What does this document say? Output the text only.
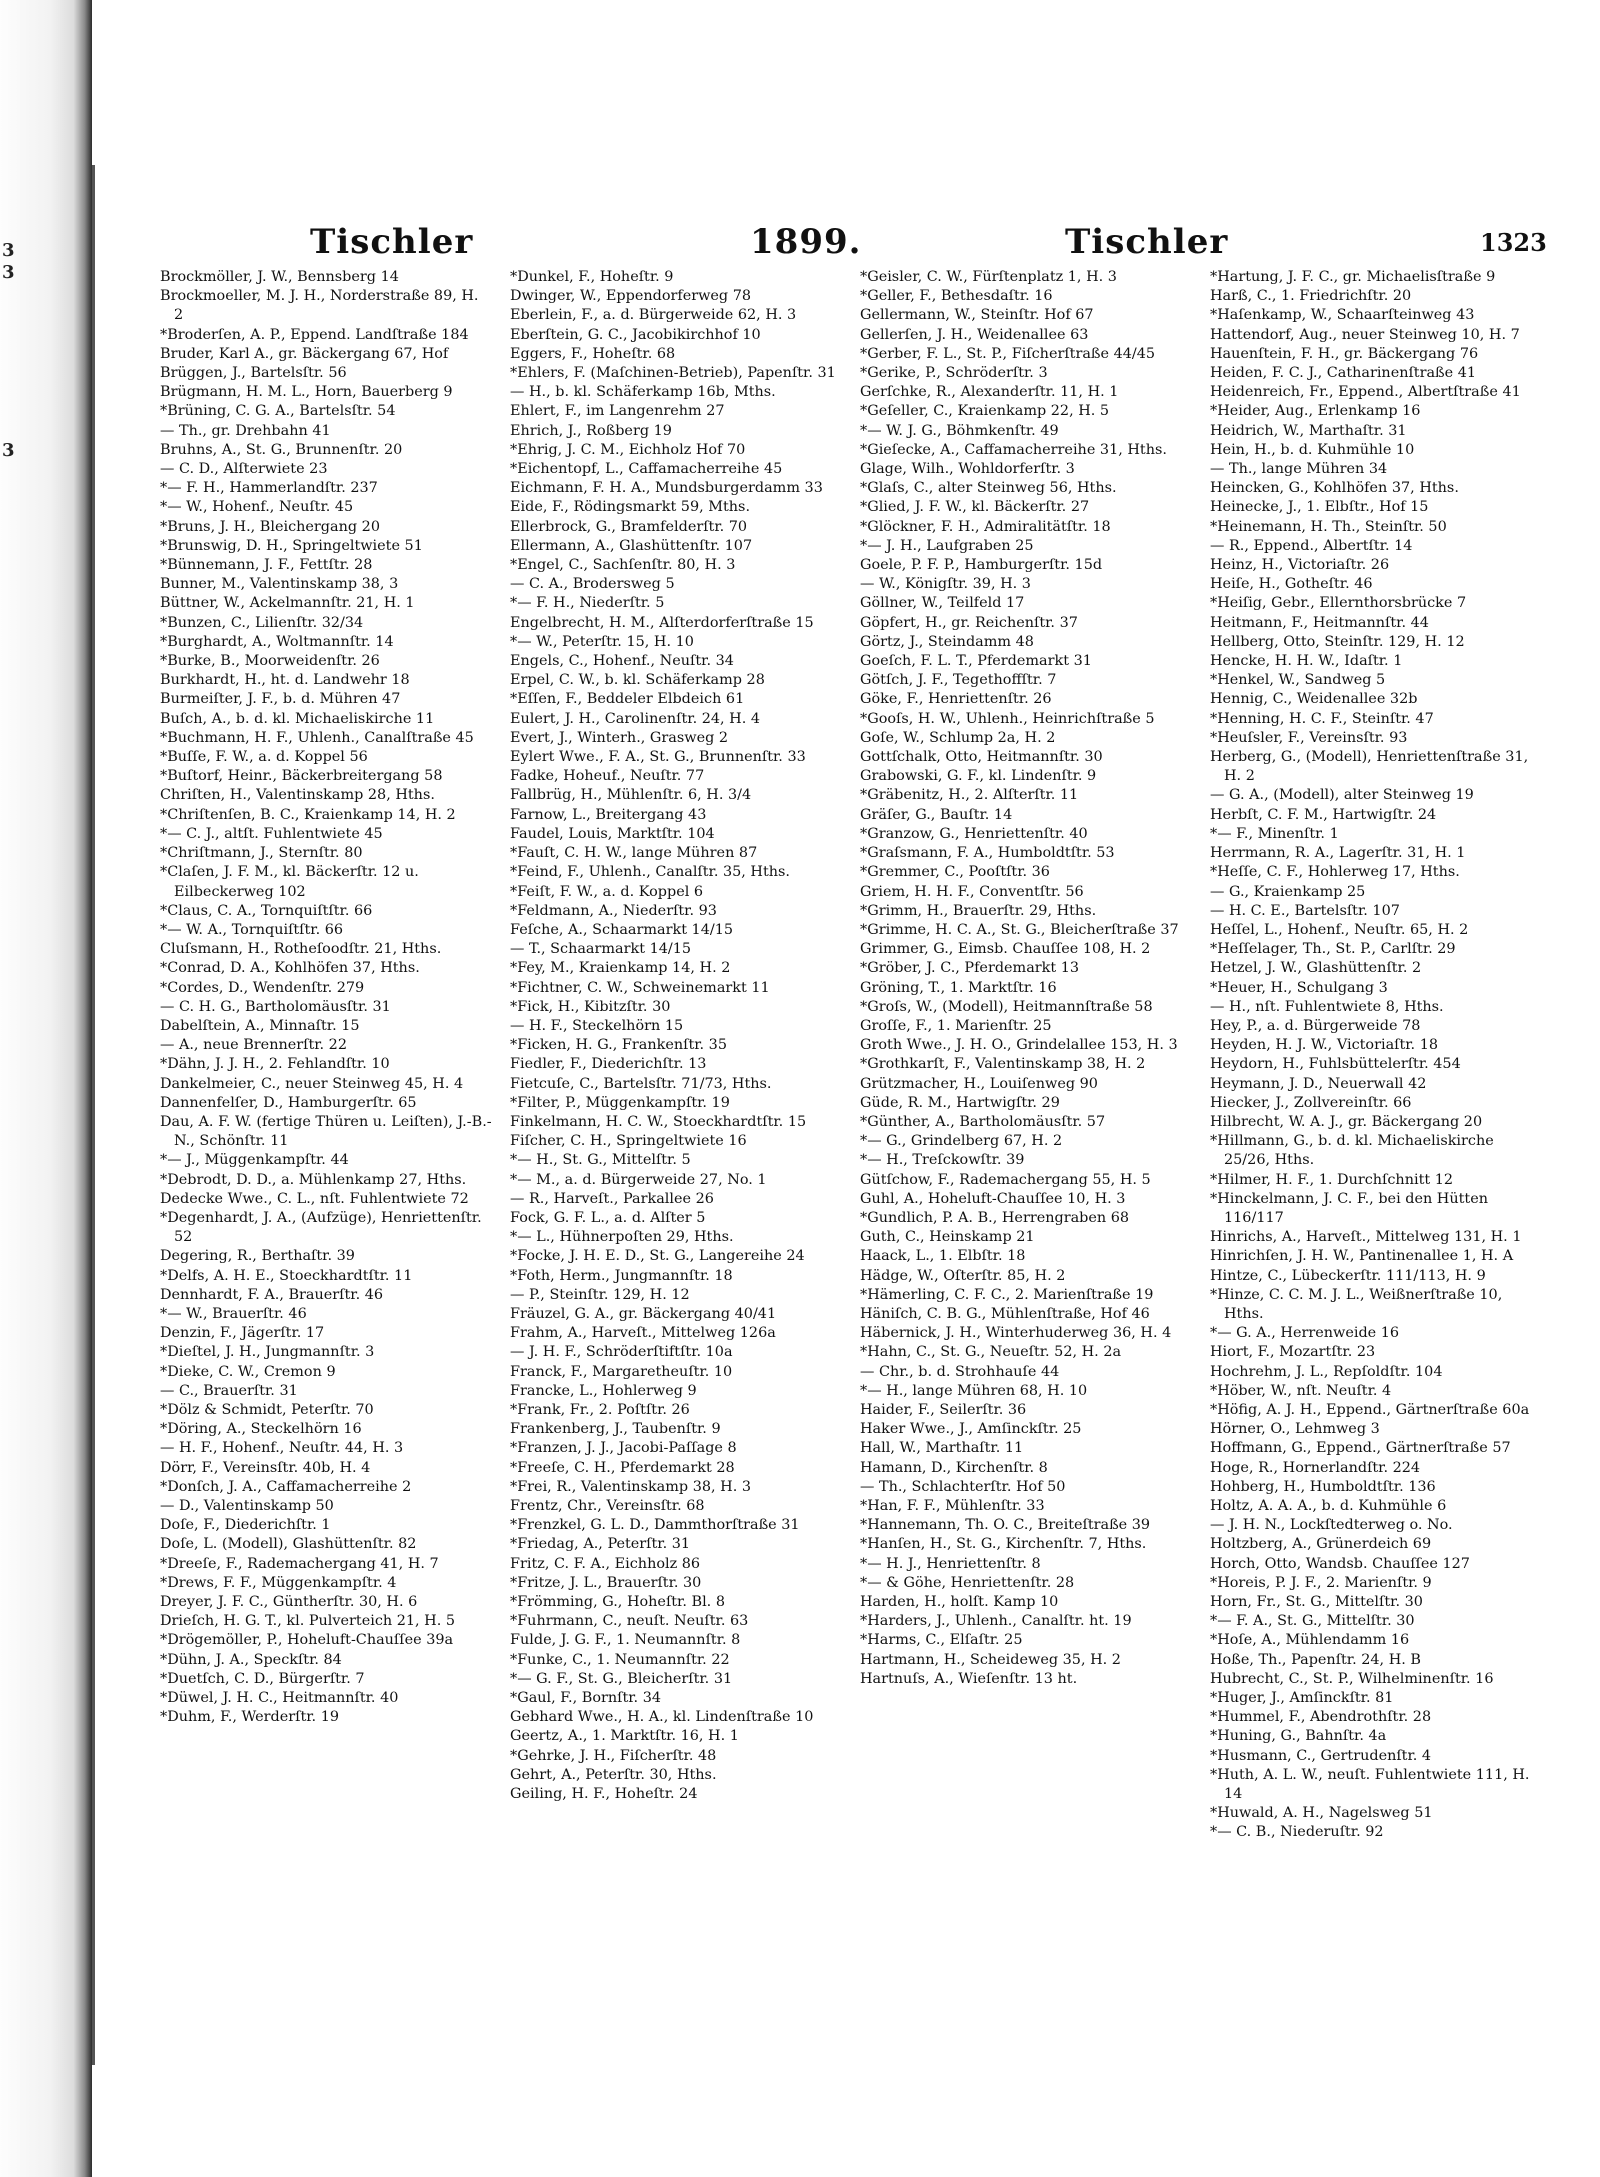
3
3
3
Tischler	1899.	Tischler	1323
Brockmöller, J. W., Bennsberg 14
Brockmoeller, M. J. H., Norderstraße 89, H. 2
*Broderſen, A. P., Eppend. Landſtraße 184
Bruder, Karl A., gr. Bäckergang 67, Hof
Brüggen, J., Bartelsſtr. 56
Brügmann, H. M. L., Horn, Bauerberg 9
*Brüning, C. G. A., Bartelsſtr. 54
— Th., gr. Drehbahn 41
Bruhns, A., St. G., Brunnenſtr. 20
— C. D., Alſterwiete 23
*— F. H., Hammerlandſtr. 237
*— W., Hohenf., Neuſtr. 45
*Bruns, J. H., Bleichergang 20
*Brunswig, D. H., Springeltwiete 51
*Bünnemann, J. F., Fettſtr. 28
Bunner, M., Valentinskamp 38, 3
Büttner, W., Ackelmannſtr. 21, H. 1
*Bunzen, C., Lilienſtr. 32/34
*Burghardt, A., Woltmannſtr. 14
*Burke, B., Moorweidenſtr. 26
Burkhardt, H., ht. d. Landwehr 18
Burmeiſter, J. F., b. d. Mühren 47
Buſch, A., b. d. kl. Michaeliskirche 11
*Buchmann, H. F., Uhlenh., Canalſtraße 45
*Buſſe, F. W., a. d. Koppel 56
*Buſtorf, Heinr., Bäckerbreitergang 58
Chriſten, H., Valentinskamp 28, Hths.
*Chriſtenſen, B. C., Kraienkamp 14, H. 2
*— C. J., altſt. Fuhlentwiete 45
*Chriſtmann, J., Sternſtr. 80
*Claſen, J. F. M., kl. Bäckerſtr. 12 u. Eilbeckerweg 102
*Claus, C. A., Tornquiſtſtr. 66
*— W. A., Tornquiſtſtr. 66
Cluſsmann, H., Rotheſoodſtr. 21, Hths.
*Conrad, D. A., Kohlhöfen 37, Hths.
*Cordes, D., Wendenſtr. 279
— C. H. G., Bartholomäusſtr. 31
Dabelſtein, A., Minnaſtr. 15
— A., neue Brennerſtr. 22
*Dähn, J. J. H., 2. Fehlandſtr. 10
Dankelmeier, C., neuer Steinweg 45, H. 4
Dannenfelſer, D., Hamburgerſtr. 65
Dau, A. F. W. (fertige Thüren u. Leiſten), J.-B.-N., Schönſtr. 11
*— J., Müggenkampſtr. 44
*Debrodt, D. D., a. Mühlenkamp 27, Hths.
Dedecke Wwe., C. L., nſt. Fuhlentwiete 72
*Degenhardt, J. A., (Aufzüge), Henriettenſtr. 52
Degering, R., Berthaſtr. 39
*Delfs, A. H. E., Stoeckhardtſtr. 11
Dennhardt, F. A., Brauerſtr. 46
*— W., Brauerſtr. 46
Denzin, F., Jägerſtr. 17
*Dieſtel, J. H., Jungmannſtr. 3
*Dieke, C. W., Cremon 9
— C., Brauerſtr. 31
*Dölz & Schmidt, Peterſtr. 70
*Döring, A., Steckelhörn 16
— H. F., Hohenf., Neuſtr. 44, H. 3
Dörr, F., Vereinsſtr. 40b, H. 4
*Donſch, J. A., Caffamacherreihe 2
— D., Valentinskamp 50
Doſe, F., Diederichſtr. 1
Doſe, L. (Modell), Glashüttenſtr. 82
*Dreeſe, F., Rademachergang 41, H. 7
*Drews, F. F., Müggenkampſtr. 4
Dreyer, J. F. C., Güntherſtr. 30, H. 6
Drieſch, H. G. T., kl. Pulverteich 21, H. 5
*Drögemöller, P., Hoheluft-Chauſſee 39a
*Dühn, J. A., Speckſtr. 84
*Duetſch, C. D., Bürgerſtr. 7
*Düwel, J. H. C., Heitmannſtr. 40
*Duhm, F., Werderſtr. 19
*Dunkel, F., Hoheſtr. 9
Dwinger, W., Eppendorferweg 78
Eberlein, F., a. d. Bürgerweide 62, H. 3
Eberſtein, G. C., Jacobikirchhof 10
Eggers, F., Hoheſtr. 68
*Ehlers, F. (Maſchinen-Betrieb), Papenſtr. 31
— H., b. kl. Schäferkamp 16b, Mths.
Ehlert, F., im Langenrehm 27
Ehrich, J., Roßberg 19
*Ehrig, J. C. M., Eichholz Hof 70
*Eichentopf, L., Caffamacherreihe 45
Eichmann, F. H. A., Mundsburgerdamm 33
Eide, F., Rödingsmarkt 59, Mths.
Ellerbrock, G., Bramfelderſtr. 70
Ellermann, A., Glashüttenſtr. 107
*Engel, C., Sachſenſtr. 80, H. 3
— C. A., Brodersweg 5
*— F. H., Niederſtr. 5
Engelbrecht, H. M., Alſterdorferſtraße 15
*— W., Peterſtr. 15, H. 10
Engels, C., Hohenf., Neuſtr. 34
Erpel, C. W., b. kl. Schäferkamp 28
*Eſſen, F., Beddeler Elbdeich 61
Eulert, J. H., Carolinenſtr. 24, H. 4
Evert, J., Winterh., Grasweg 2
Eylert Wwe., F. A., St. G., Brunnenſtr. 33
Fadke, Hoheuf., Neuſtr. 77
Fallbrüg, H., Mühlenſtr. 6, H. 3/4
Farnow, L., Breitergang 43
Faudel, Louis, Marktſtr. 104
*Fauſt, C. H. W., lange Mühren 87
*Feind, F., Uhlenh., Canalſtr. 35, Hths.
*Feiſt, F. W., a. d. Koppel 6
*Feldmann, A., Niederſtr. 93
Feſche, A., Schaarmarkt 14/15
— T., Schaarmarkt 14/15
*Fey, M., Kraienkamp 14, H. 2
*Fichtner, C. W., Schweinemarkt 11
*Fick, H., Kibitzſtr. 30
— H. F., Steckelhörn 15
*Ficken, H. G., Frankenſtr. 35
Fiedler, F., Diederichſtr. 13
Fietcuſe, C., Bartelsſtr. 71/73, Hths.
*Filter, P., Müggenkampſtr. 19
Finkelmann, H. C. W., Stoeckhardtſtr. 15
Fiſcher, C. H., Springeltwiete 16
*— H., St. G., Mittelſtr. 5
*— M., a. d. Bürgerweide 27, No. 1
— R., Harveſt., Parkallee 26
Fock, G. F. L., a. d. Alſter 5
*— L., Hühnerpoſten 29, Hths.
*Focke, J. H. E. D., St. G., Langereihe 24
*Foth, Herm., Jungmannſtr. 18
— P., Steinſtr. 129, H. 12
Fräuzel, G. A., gr. Bäckergang 40/41
Frahm, A., Harveſt., Mittelweg 126a
— J. H. F., Schröderſtiftſtr. 10a
Franck, F., Margaretheuſtr. 10
Francke, L., Hohlerweg 9
*Frank, Fr., 2. Poſtſtr. 26
Frankenberg, J., Taubenſtr. 9
*Franzen, J. J., Jacobi-Paſſage 8
*Freeſe, C. H., Pferdemarkt 28
*Frei, R., Valentinskamp 38, H. 3
Frentz, Chr., Vereinsſtr. 68
*Frenzkel, G. L. D., Dammthorſtraße 31
*Friedag, A., Peterſtr. 31
Fritz, C. F. A., Eichholz 86
*Fritze, J. L., Brauerſtr. 30
*Frömming, G., Hoheſtr. Bl. 8
*Fuhrmann, C., neuſt. Neuſtr. 63
Fulde, J. G. F., 1. Neumannſtr. 8
*Funke, C., 1. Neumannſtr. 22
*— G. F., St. G., Bleicherſtr. 31
*Gaul, F., Bornſtr. 34
Gebhard Wwe., H. A., kl. Lindenſtraße 10
Geertz, A., 1. Marktſtr. 16, H. 1
*Gehrke, J. H., Fiſcherſtr. 48
Gehrt, A., Peterſtr. 30, Hths.
Geiling, H. F., Hoheſtr. 24
*Geisler, C. W., Fürſtenplatz 1, H. 3
*Geller, F., Bethesdaſtr. 16
Gellermann, W., Steinſtr. Hof 67
Gellerſen, J. H., Weidenallee 63
*Gerber, F. L., St. P., Fiſcherſtraße 44/45
*Gerike, P., Schröderſtr. 3
Gerſchke, R., Alexanderſtr. 11, H. 1
*Geſeller, C., Kraienkamp 22, H. 5
*— W. J. G., Böhmkenſtr. 49
*Gieſecke, A., Caffamacherreihe 31, Hths.
Glage, Wilh., Wohldorferſtr. 3
*Glaſs, C., alter Steinweg 56, Hths.
*Glied, J. F. W., kl. Bäckerſtr. 27
*Glöckner, F. H., Admiralitätſtr. 18
*— J. H., Laufgraben 25
Goele, P. F. P., Hamburgerſtr. 15d
— W., Königſtr. 39, H. 3
Göllner, W., Teilfeld 17
Göpfert, H., gr. Reichenſtr. 37
Görtz, J., Steindamm 48
Goeſch, F. L. T., Pferdemarkt 31
Götſch, J. F., Tegethoffſtr. 7
Göke, F., Henriettenſtr. 26
*Gooſs, H. W., Uhlenh., Heinrichſtraße 5
Goſe, W., Schlump 2a, H. 2
Gottſchalk, Otto, Heitmannſtr. 30
Grabowski, G. F., kl. Lindenſtr. 9
*Gräbenitz, H., 2. Alſterſtr. 11
Gräſer, G., Bauſtr. 14
*Granzow, G., Henriettenſtr. 40
*Graſsmann, F. A., Humboldtſtr. 53
*Gremmer, C., Pooſtſtr. 36
Griem, H. H. F., Conventſtr. 56
*Grimm, H., Brauerſtr. 29, Hths.
*Grimme, H. C. A., St. G., Bleicherſtraße 37
Grimmer, G., Eimsb. Chauſſee 108, H. 2
*Gröber, J. C., Pferdemarkt 13
Gröning, T., 1. Marktſtr. 16
*Groſs, W., (Modell), Heitmannſtraße 58
Groſſe, F., 1. Marienſtr. 25
Groth Wwe., J. H. O., Grindelallee 153, H. 3
*Grothkarſt, F., Valentinskamp 38, H. 2
Grützmacher, H., Louiſenweg 90
Güde, R. M., Hartwigſtr. 29
*Günther, A., Bartholomäusſtr. 57
*— G., Grindelberg 67, H. 2
*— H., Treſckowſtr. 39
Gütſchow, F., Rademachergang 55, H. 5
Guhl, A., Hoheluft-Chauſſee 10, H. 3
*Gundlich, P. A. B., Herrengraben 68
Guth, C., Heinskamp 21
Haack, L., 1. Elbſtr. 18
Hädge, W., Oſterſtr. 85, H. 2
*Hämerling, C. F. C., 2. Marienſtraße 19
Häniſch, C. B. G., Mühlenſtraße, Hof 46
Häbernick, J. H., Winterhuderweg 36, H. 4
*Hahn, C., St. G., Neueſtr. 52, H. 2a
— Chr., b. d. Strohhauſe 44
*— H., lange Mühren 68, H. 10
Haider, F., Seilerſtr. 36
Haker Wwe., J., Amſinckſtr. 25
Hall, W., Marthaſtr. 11
Hamann, D., Kirchenſtr. 8
— Th., Schlachterſtr. Hof 50
*Han, F. F., Mühlenſtr. 33
*Hannemann, Th. O. C., Breiteſtraße 39
*Hanſen, H., St. G., Kirchenſtr. 7, Hths.
*— H. J., Henriettenſtr. 8
*— & Göhe, Henriettenſtr. 28
Harden, H., holſt. Kamp 10
*Harders, J., Uhlenh., Canalſtr. ht. 19
*Harms, C., Elſaſtr. 25
Hartmann, H., Scheideweg 35, H. 2
Hartnuſs, A., Wieſenſtr. 13 ht.
*Hartung, J. F. C., gr. Michaelisſtraße 9
Harß, C., 1. Friedrichſtr. 20
*Haſenkamp, W., Schaarſteinweg 43
Hattendorf, Aug., neuer Steinweg 10, H. 7
Hauenſtein, F. H., gr. Bäckergang 76
Heiden, F. C. J., Catharinenſtraße 41
Heidenreich, Fr., Eppend., Albertſtraße 41
*Heider, Aug., Erlenkamp 16
Heidrich, W., Marthaſtr. 31
Hein, H., b. d. Kuhmühle 10
— Th., lange Mühren 34
Heincken, G., Kohlhöfen 37, Hths.
Heinecke, J., 1. Elbſtr., Hof 15
*Heinemann, H. Th., Steinſtr. 50
— R., Eppend., Albertſtr. 14
Heinz, H., Victoriaſtr. 26
Heiſe, H., Gotheſtr. 46
*Heiſig, Gebr., Ellernthorsbrücke 7
Heitmann, F., Heitmannſtr. 44
Hellberg, Otto, Steinſtr. 129, H. 12
Hencke, H. H. W., Idaſtr. 1
*Henkel, W., Sandweg 5
Hennig, C., Weidenallee 32b
*Henning, H. C. F., Steinſtr. 47
*Heuſsler, F., Vereinsſtr. 93
Herberg, G., (Modell), Henriettenſtraße 31, H. 2
— G. A., (Modell), alter Steinweg 19
Herbſt, C. F. M., Hartwigſtr. 24
*— F., Minenſtr. 1
Herrmann, R. A., Lagerſtr. 31, H. 1
*Heſſe, C. F., Hohlerweg 17, Hths.
— G., Kraienkamp 25
— H. C. E., Bartelsſtr. 107
Heſſel, L., Hohenf., Neuſtr. 65, H. 2
*Heſſelager, Th., St. P., Carlſtr. 29
Hetzel, J. W., Glashüttenſtr. 2
*Heuer, H., Schulgang 3
— H., nſt. Fuhlentwiete 8, Hths.
Hey, P., a. d. Bürgerweide 78
Heyden, H. J. W., Victoriaſtr. 18
Heydorn, H., Fuhlsbüttelerſtr. 454
Heymann, J. D., Neuerwall 42
Hiecker, J., Zollvereinſtr. 66
Hilbrecht, W. A. J., gr. Bäckergang 20
*Hillmann, G., b. d. kl. Michaeliskirche 25/26, Hths.
*Hilmer, H. F., 1. Durchſchnitt 12
*Hinckelmann, J. C. F., bei den Hütten 116/117
Hinrichs, A., Harveſt., Mittelweg 131, H. 1
Hinrichſen, J. H. W., Pantinenallee 1, H. A
Hintze, C., Lübeckerſtr. 111/113, H. 9
*Hinze, C. C. M. J. L., Weißnerſtraße 10, Hths.
*— G. A., Herrenweide 16
Hiort, F., Mozartſtr. 23
Hochrehm, J. L., Repſoldſtr. 104
*Höber, W., nſt. Neuſtr. 4
*Höfig, A. J. H., Eppend., Gärtnerſtraße 60a
Hörner, O., Lehmweg 3
Hoffmann, G., Eppend., Gärtnerſtraße 57
Hoge, R., Hornerlandſtr. 224
Hohberg, H., Humboldtſtr. 136
Holtz, A. A. A., b. d. Kuhmühle 6
— J. H. N., Lockſtedterweg o. No.
Holtzberg, A., Grünerdeich 69
Horch, Otto, Wandsb. Chauſſee 127
*Horeis, P. J. F., 2. Marienſtr. 9
Horn, Fr., St. G., Mittelſtr. 30
*— F. A., St. G., Mittelſtr. 30
*Hoſe, A., Mühlendamm 16
Hoße, Th., Papenſtr. 24, H. B
Hubrecht, C., St. P., Wilhelminenſtr. 16
*Huger, J., Amſinckſtr. 81
*Hummel, F., Abendrothſtr. 28
*Huning, G., Bahnſtr. 4a
*Husmann, C., Gertrudenſtr. 4
*Huth, A. L. W., neuſt. Fuhlentwiete 111, H. 14
*Huwald, A. H., Nagelsweg 51
*— C. B., Niederuſtr. 92
